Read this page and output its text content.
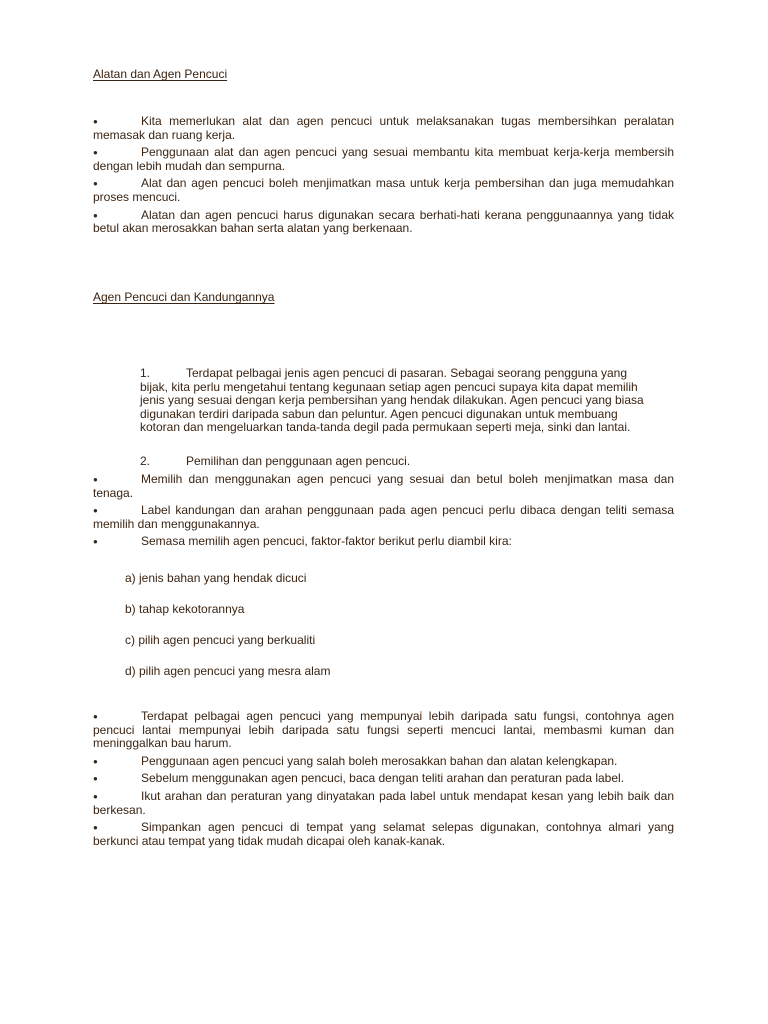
Alatan dan Agen Pencuci
●	Kita memerlukan alat dan agen pencuci untuk melaksanakan tugas membersihkan peralatan memasak dan ruang kerja.
●	Penggunaan alat dan agen pencuci yang sesuai membantu kita membuat kerja-kerja membersih dengan lebih mudah dan sempurna.
●	Alat dan agen pencuci boleh menjimatkan masa untuk kerja pembersihan dan juga memudahkan proses mencuci.
●	Alatan dan agen pencuci harus digunakan secara berhati-hati kerana penggunaannya yang tidak betul akan merosakkan bahan serta alatan yang berkenaan.
Agen Pencuci dan Kandungannya

1.	Terdapat pelbagai jenis agen pencuci di pasaran. Sebagai seorang pengguna yang bijak, kita perlu mengetahui tentang kegunaan setiap agen pencuci supaya kita dapat memilih jenis yang sesuai dengan kerja pembersihan yang hendak dilakukan. Agen pencuci yang biasa digunakan terdiri daripada sabun dan peluntur. Agen pencuci digunakan untuk membuang kotoran dan mengeluarkan tanda-tanda degil pada permukaan seperti meja, sinki dan lantai.

2.	Pemilihan dan penggunaan agen pencuci.

●	Memilih dan menggunakan agen pencuci yang sesuai dan betul boleh menjimatkan masa dan tenaga.
●	Label kandungan dan arahan penggunaan pada agen pencuci perlu dibaca dengan teliti semasa memilih dan menggunakannya.
●	Semasa memilih agen pencuci, faktor-faktor berikut perlu diambil kira:
a) jenis bahan yang hendak dicuci
b) tahap kekotorannya
c) pilih agen pencuci yang berkualiti
d) pilih agen pencuci yang mesra alam
●	Terdapat pelbagai agen pencuci yang mempunyai lebih daripada satu fungsi, contohnya agen pencuci lantai mempunyai lebih daripada satu fungsi seperti mencuci lantai, membasmi kuman dan meninggalkan bau harum.
●	Penggunaan agen pencuci yang salah boleh merosakkan bahan dan alatan kelengkapan.
●	Sebelum menggunakan agen pencuci, baca dengan teliti arahan dan peraturan pada label.
●	Ikut arahan dan peraturan yang dinyatakan pada label untuk mendapat kesan yang lebih baik dan berkesan.
●	Simpankan agen pencuci di tempat yang selamat selepas digunakan, contohnya almari yang berkunci atau tempat yang tidak mudah dicapai oleh kanak-kanak.
